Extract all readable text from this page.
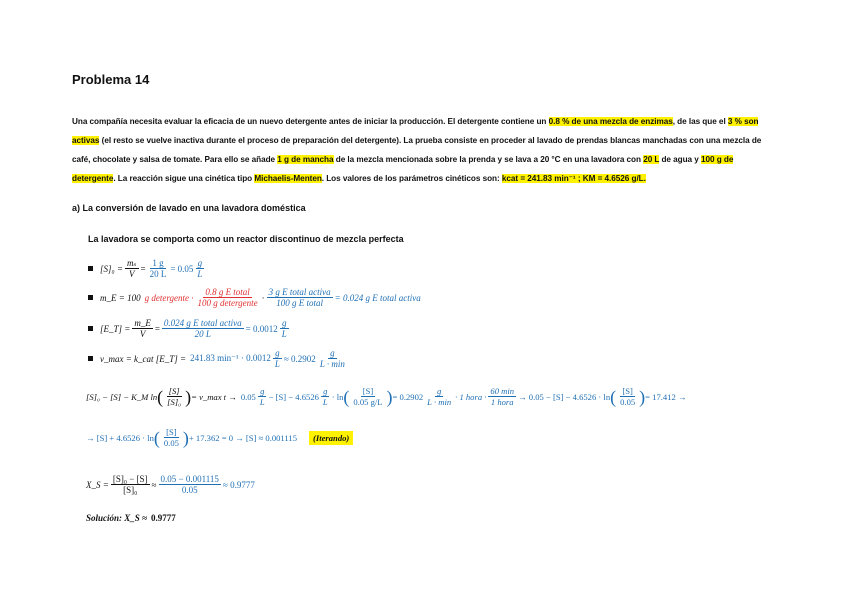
Problema 14
Una compañía necesita evaluar la eficacia de un nuevo detergente antes de iniciar la producción. El detergente contiene un 0.8 % de una mezcla de enzimas, de las que el 3 % son activas (el resto se vuelve inactiva durante el proceso de preparación del detergente). La prueba consiste en proceder al lavado de prendas blancas manchadas con una mezcla de café, chocolate y salsa de tomate. Para ello se añade 1 g de mancha de la mezcla mencionada sobre la prenda y se lava a 20 °C en una lavadora con 20 L de agua y 100 g de detergente. La reacción sigue una cinética tipo Michaelis-Menten. Los valores de los parámetros cinéticos son: kcat = 241.83 min⁻¹ ; KM = 4.6526 g/L.
a) La conversión de lavado en una lavadora doméstica
La lavadora se comporta como un reactor discontinuo de mezcla perfecta
$[S]_0 = \frac{\text{mₛ}}{V} = \frac{1 g}{20 L} = 0.05 \frac{g}{L}$
m_E = 100 g detergente · $\frac{\text{0.8 g E total}}{\text{100 g detergente}} \cdot \frac{\text{3 g E total activa}}{\text{100 g E total}} = 0.024$ g E total activa
[E_T] = $\frac{m\_E}{V} = \frac{\text{0.024 g E total activa}}{20 L} = 0.0012 \frac{g}{L}$
v_max = k_cat [E_T] = 241.83 $\min^{-1} \cdot 0.0012 \frac{g}{L} \approx 0.2902 \frac{g}{L \cdot \min}$
[S]₀ − [S] − K_M ln ( $\frac{[S]}{\text{[S]₀}}$ ) = v_max $t \to 0.05 \frac{g}{L} - [S] - 4.6526 \frac{g}{L} \cdot \ln$ ( $\frac{[S]}{0.05 g/L}$ ) = $0.2902 \frac{g}{L \cdot \min} \cdot 1$ hora · $\frac{60 \min}{\text{1 hora}} \to 0.05 - [S] - 4.6526 \cdot \ln$ ( $\frac{[S]}{0.05}$ ) = 17.412 →
→ [S] + 4.6526 · ln ( $\frac{[S]}{0.05}$ ) + 17.362 = 0 → [S] ≈ 0.001115	(Iterando)
X_S = $\frac{\text{[S]₀ − [S]}}{\text{[S]₀}} \approx \frac{0.05 - 0.001115}{0.05} \approx 0.9777$
Solución: X_S ≈ 0.9777
